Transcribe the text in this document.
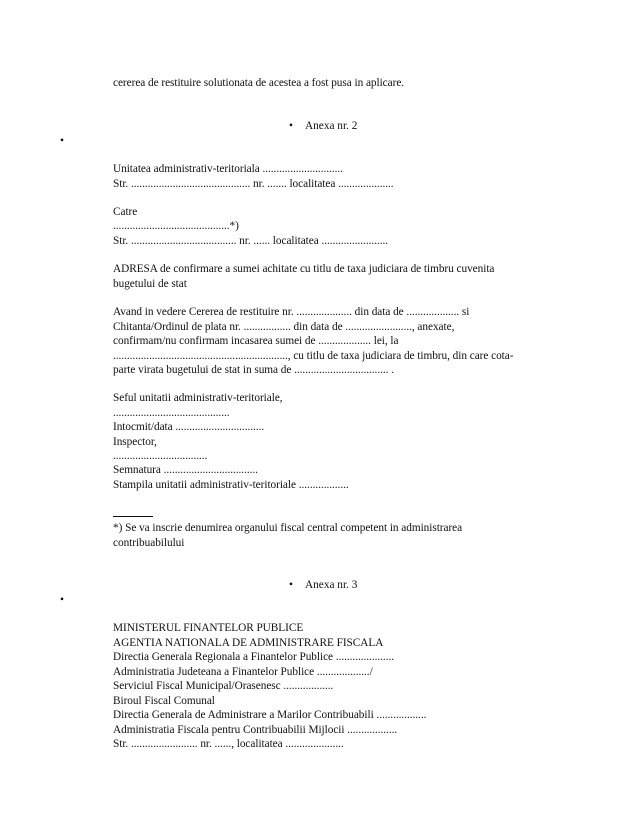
cererea de restituire solutionata de acestea a fost pusa in aplicare.
• Anexa nr. 2
•
Unitatea administrativ-teritoriala .............................
Str. ........................................... nr. ....... localitatea ....................
Catre
..........................................*)
Str. ...................................... nr. ...... localitatea ........................
ADRESA de confirmare a sumei achitate cu titlu de taxa judiciara de timbru cuvenita
bugetului de stat
Avand in vedere Cererea de restituire nr. .................... din data de ................... si
Chitanta/Ordinul de plata nr. ................. din data de ........................, anexate,
confirmam/nu confirmam incasarea sumei de ................... lei, la
..............................................................., cu titlu de taxa judiciara de timbru, din care cota-
parte virata bugetului de stat in suma de .................................. .
Seful unitatii administrativ-teritoriale,
..........................................
Intocmit/data ................................
Inspector,
..................................
Semnatura ..................................
Stampila unitatii administrativ-teritoriale ..................
*) Se va inscrie denumirea organului fiscal central competent in administrarea
contribuabilului
• Anexa nr. 3
•
MINISTERUL FINANTELOR PUBLICE
AGENTIA NATIONALA DE ADMINISTRARE FISCALA
Directia Generala Regionala a Finantelor Publice .....................
Administratia Judeteana a Finantelor Publice .................../
Serviciul Fiscal Municipal/Orasenesc ..................
Biroul Fiscal Comunal
Directia Generala de Administrare a Marilor Contribuabili ..................
Administratia Fiscala pentru Contribuabilii Mijlocii ..................
Str. ........................ nr. ......, localitatea .....................
